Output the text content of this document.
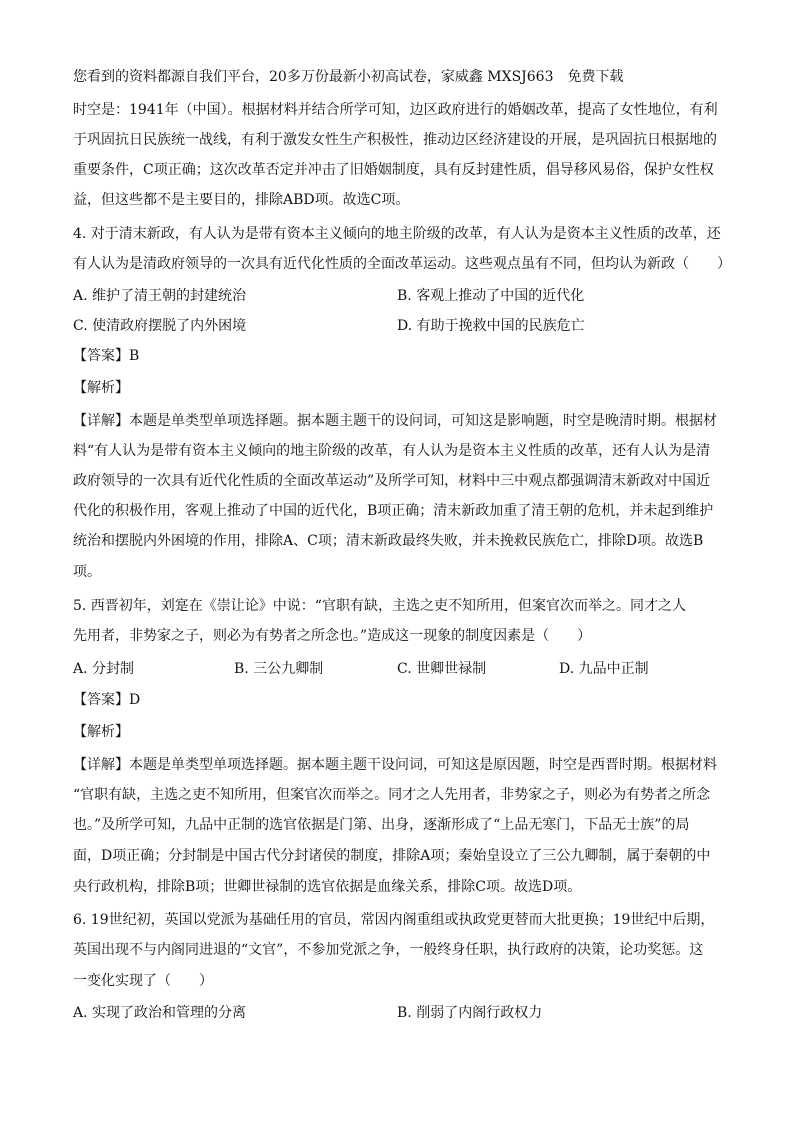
您看到的资料都源自我们平台，20多万份最新小初高试卷，家威鑫 MXSJ663　免费下载
时空是：1941年（中国）。根据材料并结合所学可知，边区政府进行的婚姻改革，提高了女性地位，有利
于巩固抗日民族统一战线，有利于激发女性生产积极性，推动边区经济建设的开展，是巩固抗日根据地的
重要条件，C项正确；这次改革否定并冲击了旧婚姻制度，具有反封建性质，倡导移风易俗，保护女性权
益，但这些都不是主要目的，排除ABD项。故选C项。
4. 对于清末新政，有人认为是带有资本主义倾向的地主阶级的改革，有人认为是资本主义性质的改革，还
有人认为是清政府领导的一次具有近代化性质的全面改革运动。这些观点虽有不同，但均认为新政（　　）
A. 维护了清王朝的封建统治	B. 客观上推动了中国的近代化
C. 使清政府摆脱了内外困境	D. 有助于挽救中国的民族危亡
【答案】B
【解析】
【详解】本题是单类型单项选择题。据本题主题干的设问词，可知这是影响题，时空是晚清时期。根据材
料“有人认为是带有资本主义倾向的地主阶级的改革，有人认为是资本主义性质的改革，还有人认为是清
政府领导的一次具有近代化性质的全面改革运动”及所学可知，材料中三中观点都强调清末新政对中国近
代化的积极作用，客观上推动了中国的近代化，B项正确；清末新政加重了清王朝的危机，并未起到维护
统治和摆脱内外困境的作用，排除A、C项；清末新政最终失败，并未挽救民族危亡，排除D项。故选B
项。
5. 西晋初年，刘寔在《崇让论》中说：“官职有缺，主选之吏不知所用，但案官次而举之。同才之人
先用者，非势家之子，则必为有势者之所念也。”造成这一现象的制度因素是（　　）
A. 分封制	B. 三公九卿制	C. 世卿世禄制	D. 九品中正制
【答案】D
【解析】
【详解】本题是单类型单项选择题。据本题主题干设问词，可知这是原因题，时空是西晋时期。根据材料
“官职有缺，主选之吏不知所用，但案官次而举之。同才之人先用者，非势家之子，则必为有势者之所念
也。”及所学可知，九品中正制的选官依据是门第、出身，逐渐形成了“上品无寒门，下品无士族”的局
面，D项正确；分封制是中国古代分封诸侯的制度，排除A项；秦始皇设立了三公九卿制，属于秦朝的中
央行政机构，排除B项；世卿世禄制的选官依据是血缘关系，排除C项。故选D项。
6. 19世纪初，英国以党派为基础任用的官员，常因内阁重组或执政党更替而大批更换；19世纪中后期，
英国出现不与内阁同进退的“文官”，不参加党派之争，一般终身任职，执行政府的决策，论功奖惩。这
一变化实现了（　　）
A. 实现了政治和管理的分离	B. 削弱了内阁行政权力
